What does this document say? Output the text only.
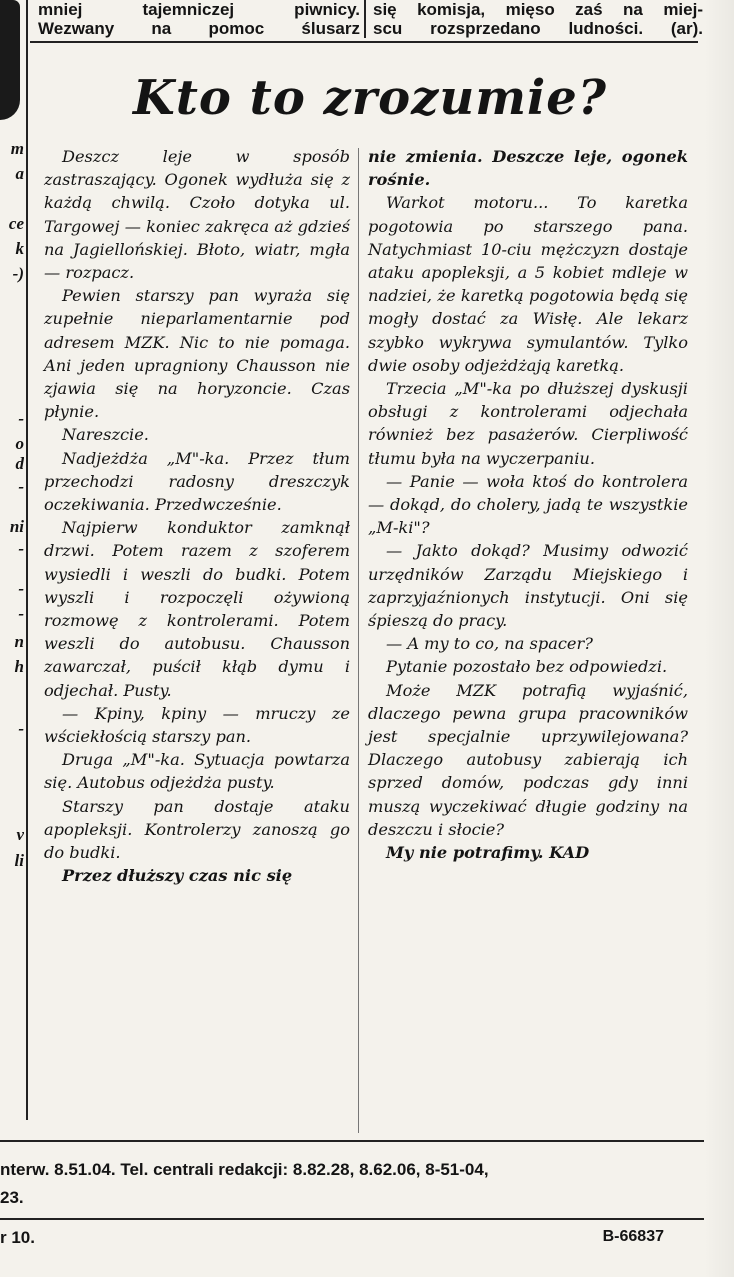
m
a
ce
k
-)
-
o
d
-
ni
-
-
-
n
h
-
v
li
mniej tajemniczej piwnicy.
Wezwany na pomoc ślusarz
się komisja, mięso zaś na miej-
scu rozsprzedano ludności. (ar).
Kto to zrozumie?

Deszcz leje w sposób zastraszający. Ogonek wydłuża się z każdą chwilą. Czoło dotyka ul. Targowej — koniec zakręca aż gdzieś na Jagiellońskiej. Błoto, wiatr, mgła — rozpacz.

Pewien starszy pan wyraża się zupełnie nieparlamentarnie pod adresem MZK. Nic to nie pomaga. Ani jeden upragniony Chausson nie zjawia się na horyzoncie. Czas płynie.

Nareszcie.

Nadjeżdża „M"-ka. Przez tłum przechodzi radosny dreszczyk oczekiwania. Przedwcześnie.

Najpierw konduktor zamknął drzwi. Potem razem z szoferem wysiedli i weszli do budki. Potem wyszli i rozpoczęli ożywioną rozmowę z kontrolerami. Potem weszli do autobusu. Chausson zawarczał, puścił kłąb dymu i odjechał. Pusty.

— Kpiny, kpiny — mruczy ze wściekłością starszy pan.

Druga „M"-ka. Sytuacja powtarza się. Autobus odjeżdża pusty.

Starszy pan dostaje ataku apopleksji. Kontrolerzy zanoszą go do budki.

Przez dłuższy czas nic się

nie zmienia. Deszcze leje, ogonek rośnie.

Warkot motoru... To karetka pogotowia po starszego pana. Natychmiast 10-ciu mężczyzn dostaje ataku apopleksji, a 5 kobiet mdleje w nadziei, że karetką pogotowia będą się mogły dostać za Wisłę. Ale lekarz szybko wykrywa symulantów. Tylko dwie osoby odjeżdżają karetką.

Trzecia „M"-ka po dłuższej dyskusji obsługi z kontrolerami odjechała również bez pasażerów. Cierpliwość tłumu była na wyczerpaniu.

— Panie — woła ktoś do kontrolera — dokąd, do cholery, jadą te wszystkie „M-ki"?

— Jakto dokąd? Musimy odwozić urzędników Zarządu Miejskiego i zaprzyjaźnionych instytucji. Oni się śpieszą do pracy.

— A my to co, na spacer?

Pytanie pozostało bez odpowiedzi.

Może MZK potrafią wyjaśnić, dlaczego pewna grupa pracowników jest specjalnie uprzywilejowana? Dlaczego autobusy zabierają ich sprzed domów, podczas gdy inni muszą wyczekiwać długie godziny na deszczu i słocie?

My nie potrafimy. KAD

nterw. 8.51.04. Tel. centrali redakcji: 8.82.28, 8.62.06, 8-51-04,
23.
r 10.	B-66837
